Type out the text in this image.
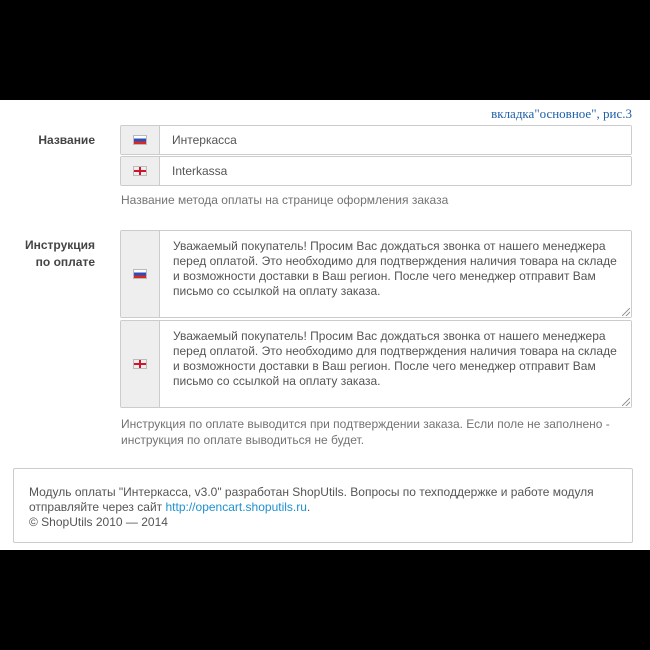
вкладка"основное", рис.3
Название	Интеркасса
Interkassa
Название метода оплаты на странице оформления заказа
Инструкция
по оплате
Уважаемый покупатель! Просим Вас дождаться звонка от нашего менеджера перед оплатой. Это необходимо для подтверждения наличия товара на складе и возможности доставки в Ваш регион. После чего менеджер отправит Вам письмо со ссылкой на оплату заказа.
Уважаемый покупатель! Просим Вас дождаться звонка от нашего менеджера перед оплатой. Это необходимо для подтверждения наличия товара на складе и возможности доставки в Ваш регион. После чего менеджер отправит Вам письмо со ссылкой на оплату заказа.
Инструкция по оплате выводится при подтверждении заказа. Если поле не заполнено - инструкция по оплате выводиться не будет.
Модуль оплаты "Интеркасса, v3.0" разработан ShopUtils. Вопросы по техподдержке и работе модуля отправляйте через сайт http://opencart.shoputils.ru.
© ShopUtils 2010 — 2014
